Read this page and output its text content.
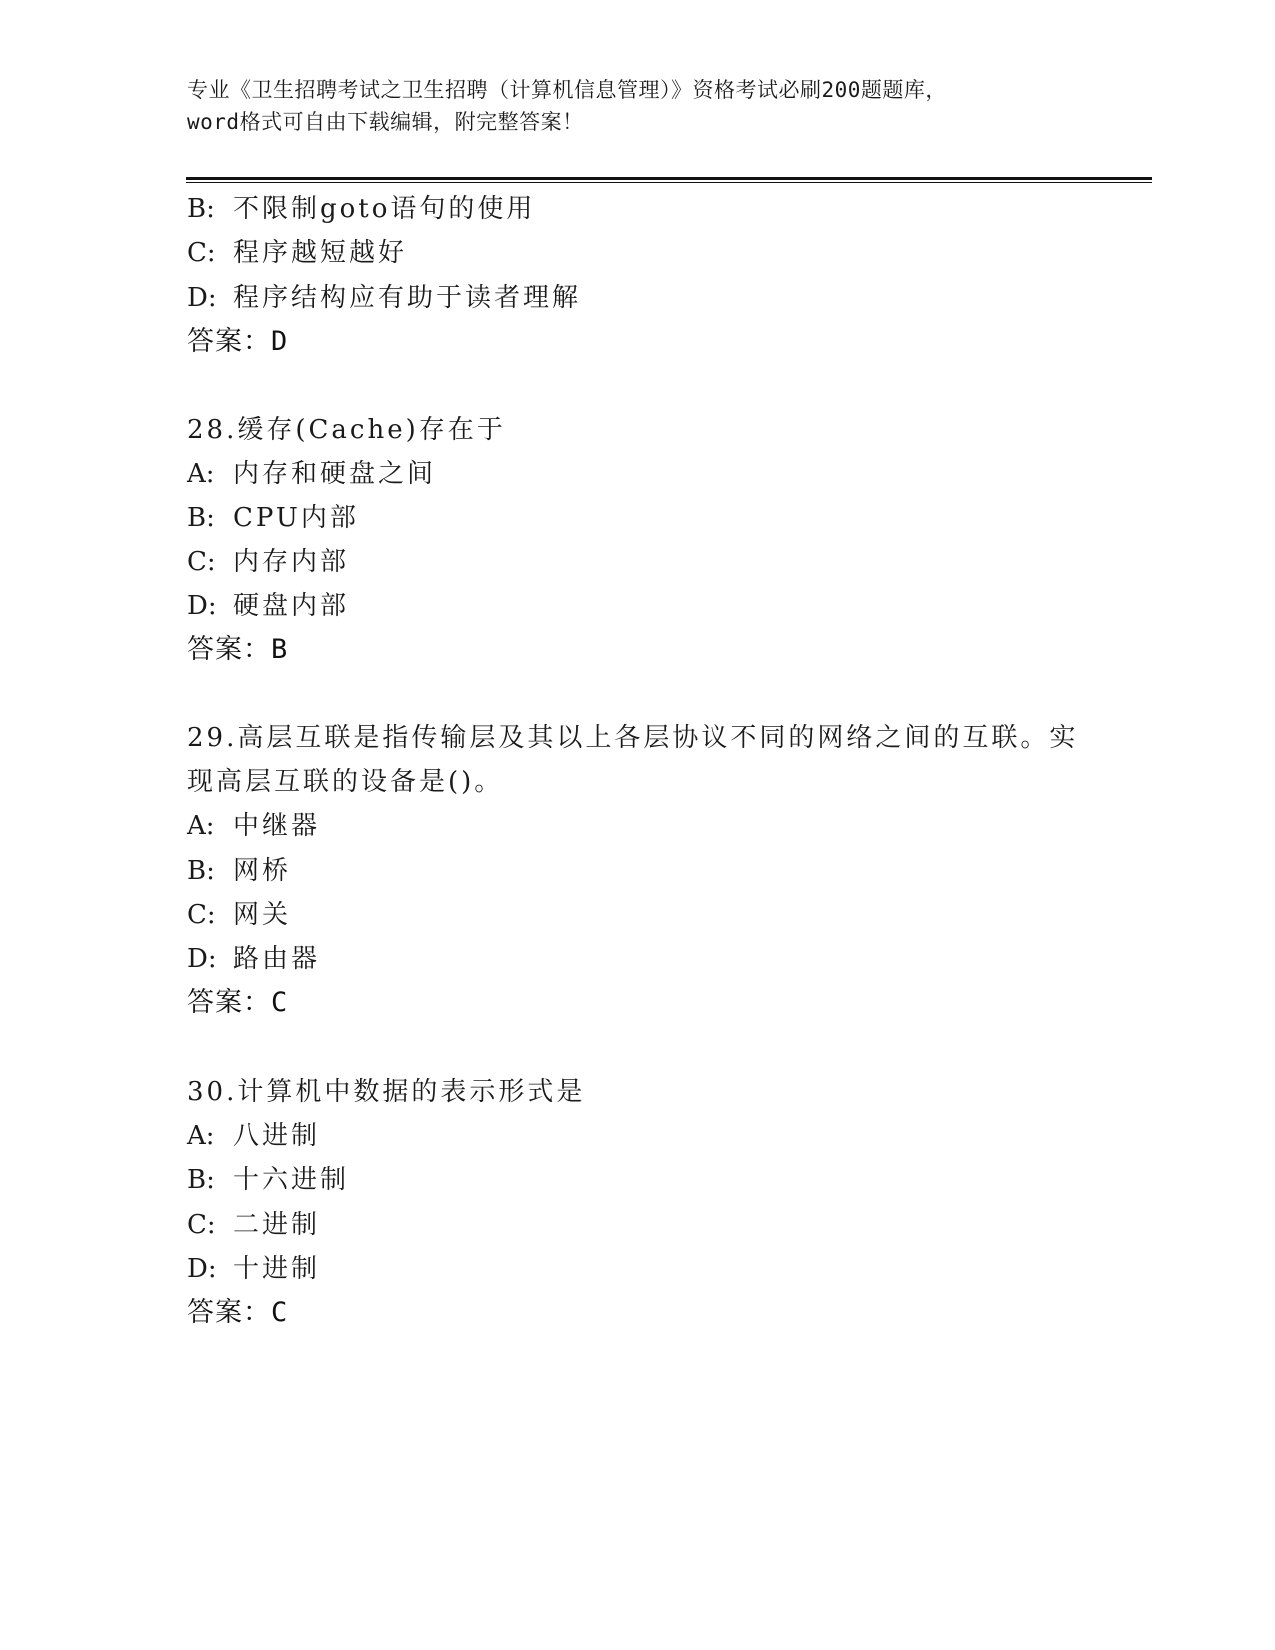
专业《卫生招聘考试之卫生招聘（计算机信息管理）》资格考试必刷200题题库，
word格式可自由下载编辑，附完整答案！
B: 不限制goto语句的使用
C: 程序越短越好
D: 程序结构应有助于读者理解
答案：D
28.缓存(Cache)存在于
A: 内存和硬盘之间
B: CPU内部
C: 内存内部
D: 硬盘内部
答案：B
29.高层互联是指传输层及其以上各层协议不同的网络之间的互联。实
现高层互联的设备是()。
A: 中继器
B: 网桥
C: 网关
D: 路由器
答案：C
30.计算机中数据的表示形式是
A: 八进制
B: 十六进制
C: 二进制
D: 十进制
答案：C
